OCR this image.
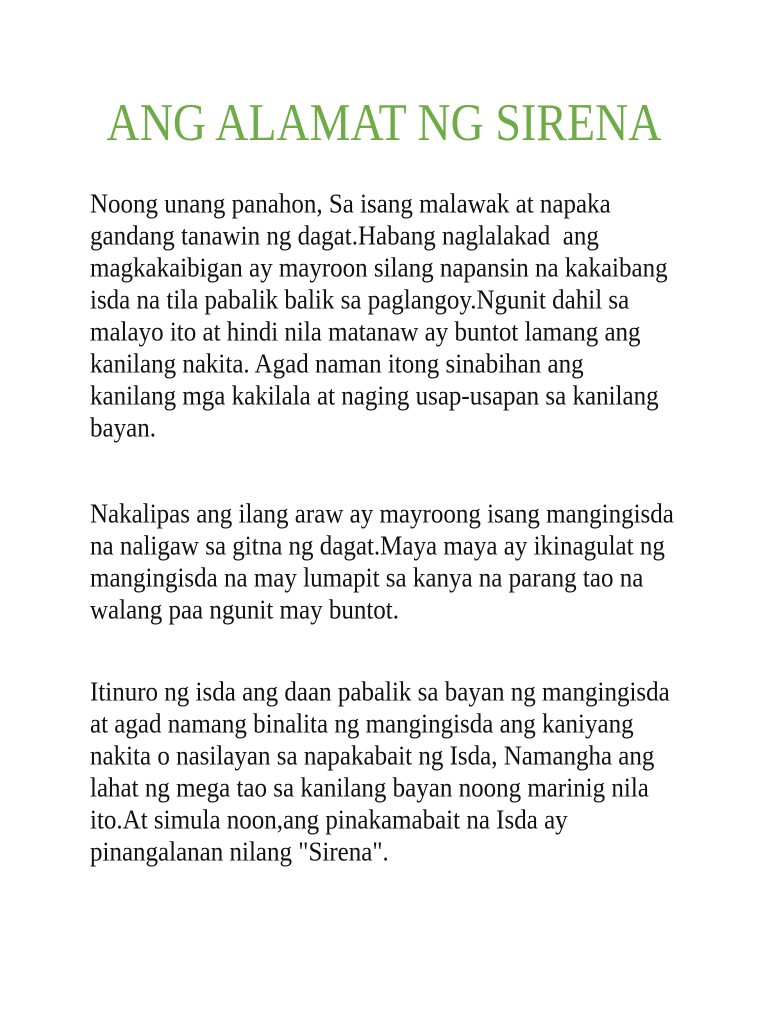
ANG ALAMAT NG SIRENA
Noong unang panahon, Sa isang malawak at napaka
gandang tanawin ng dagat.Habang naglalakad  ang
magkakaibigan ay mayroon silang napansin na kakaibang
isda na tila pabalik balik sa paglangoy.Ngunit dahil sa
malayo ito at hindi nila matanaw ay buntot lamang ang
kanilang nakita. Agad naman itong sinabihan ang
kanilang mga kakilala at naging usap-usapan sa kanilang
bayan.
Nakalipas ang ilang araw ay mayroong isang mangingisda
na naligaw sa gitna ng dagat.Maya maya ay ikinagulat ng
mangingisda na may lumapit sa kanya na parang tao na
walang paa ngunit may buntot.
Itinuro ng isda ang daan pabalik sa bayan ng mangingisda
at agad namang binalita ng mangingisda ang kaniyang
nakita o nasilayan sa napakabait ng Isda, Namangha ang
lahat ng mega tao sa kanilang bayan noong marinig nila
ito.At simula noon,ang pinakamabait na Isda ay
pinangalanan nilang "Sirena".
